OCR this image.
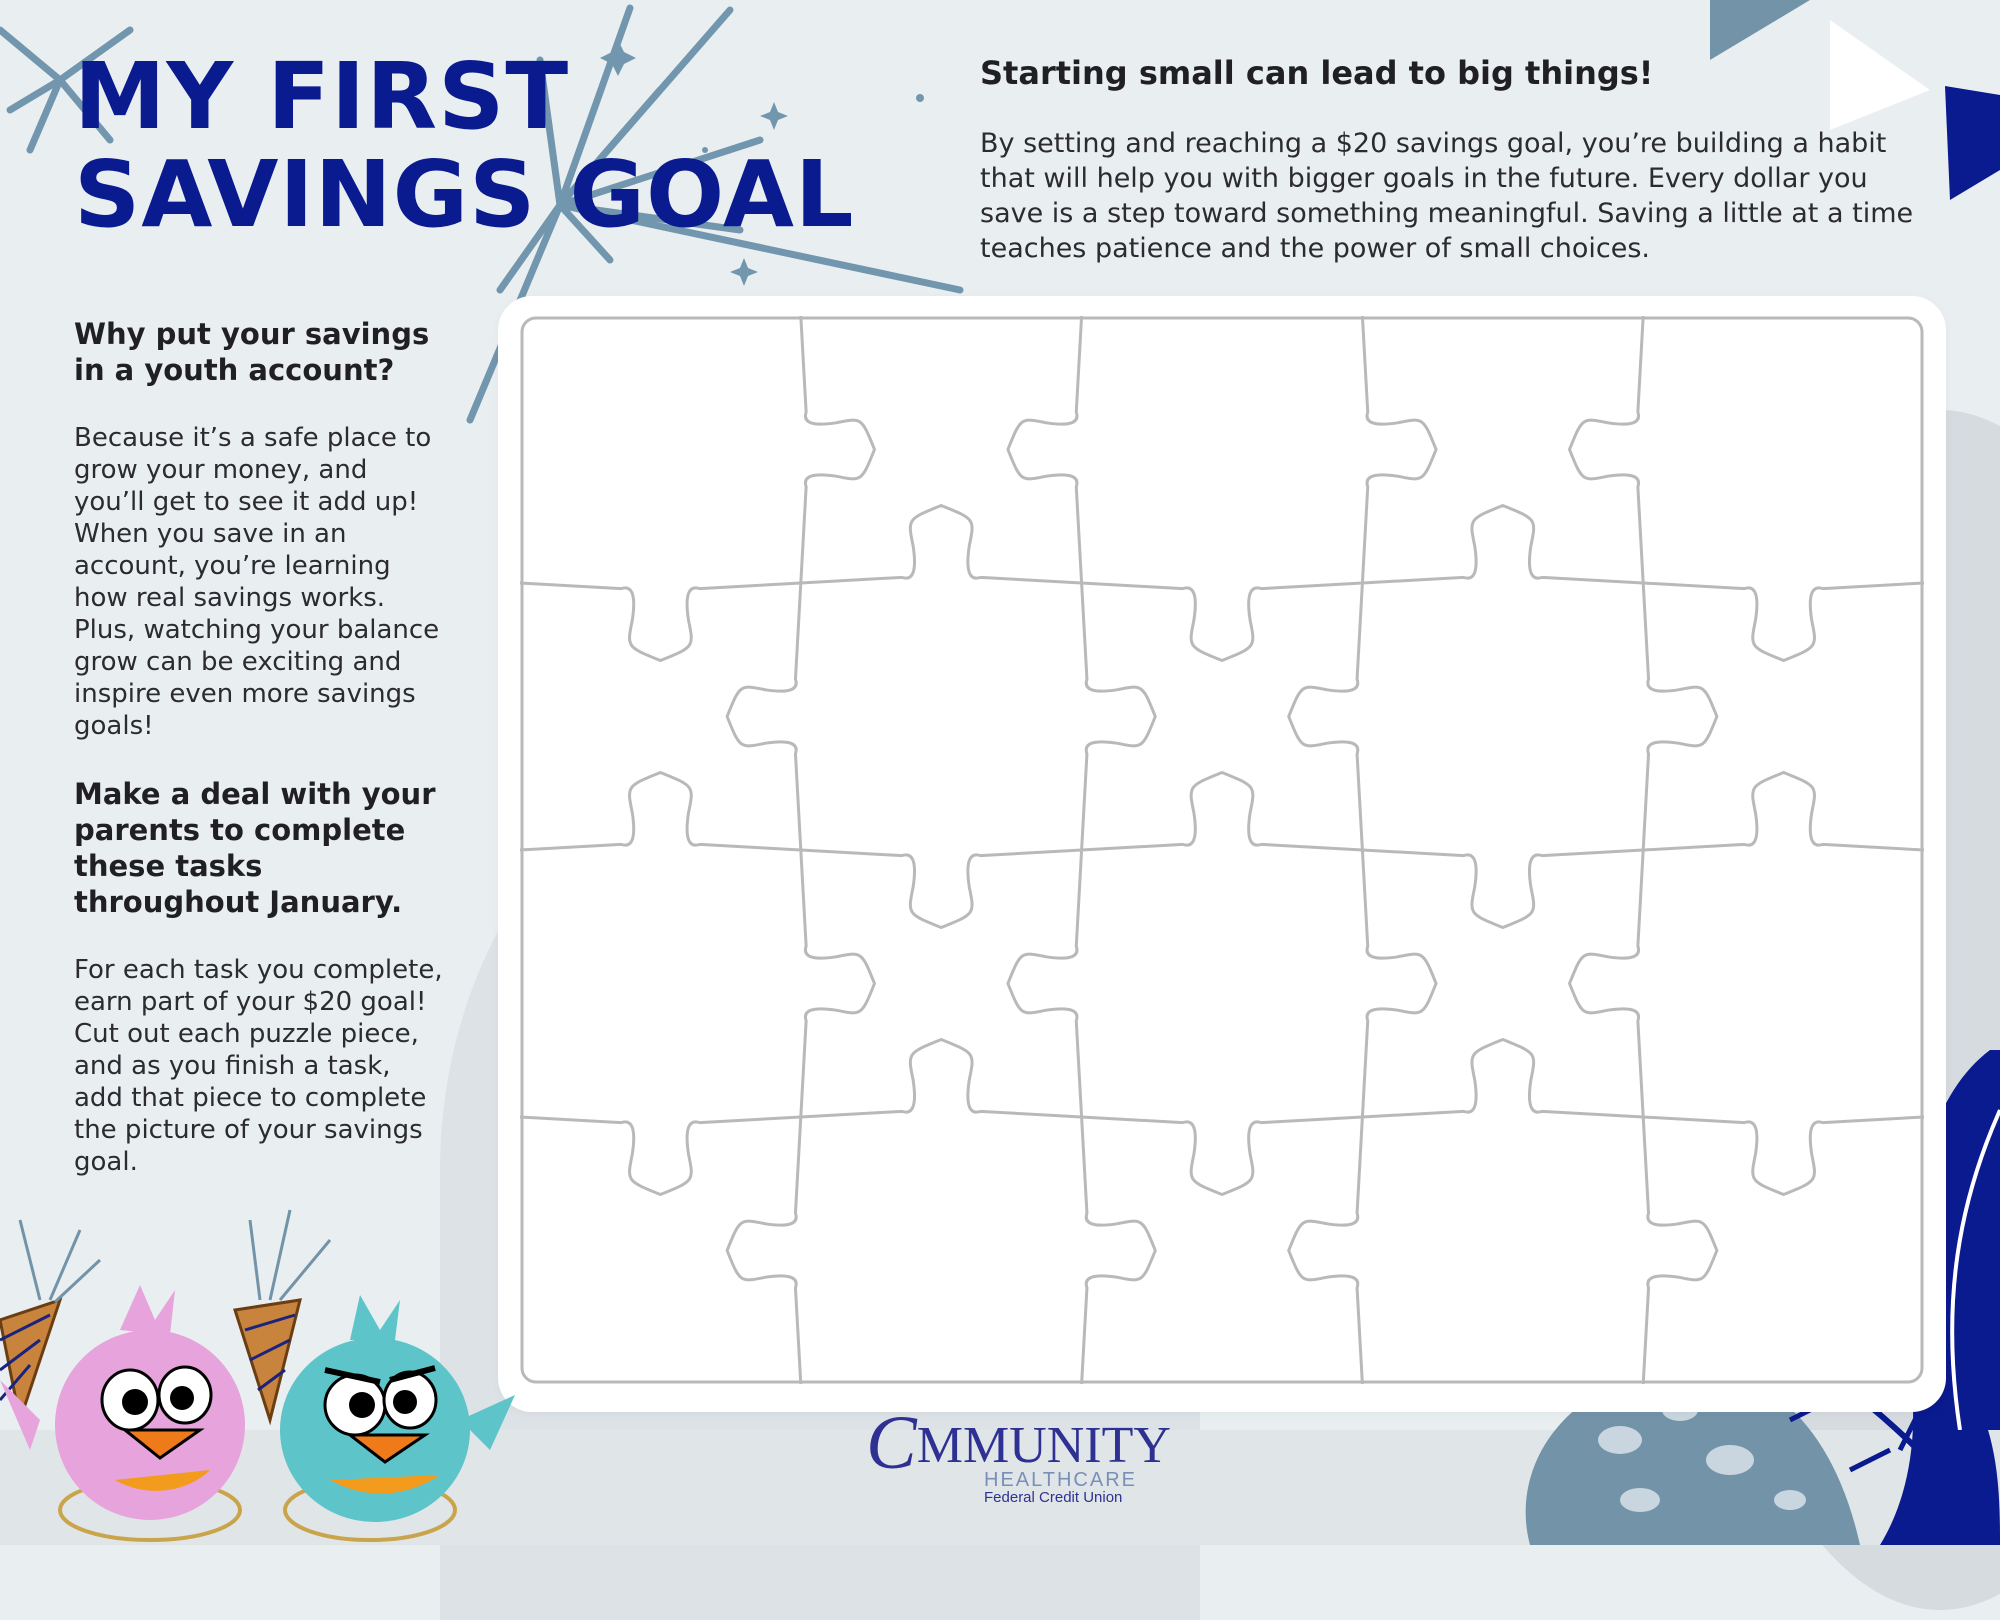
MY FIRST
SAVINGS GOAL
Starting small can lead to big things!
By setting and reaching a $20 savings goal, you’re building a habit that will help you with bigger goals in the future. Every dollar you save is a step toward something meaningful. Saving a little at a time teaches patience and the power of small choices.
Why put your savings in a youth account?

Because it’s a safe place to grow your money, and you’ll get to see it add up! When you save in an account, you’re learning how real savings works. Plus, watching your balance grow can be exciting and inspire even more savings goals!

Make a deal with your parents to complete these tasks throughout January.

For each task you complete, earn part of your $20 goal! Cut out each puzzle piece, and as you finish a task, add that piece to complete the picture of your savings goal.

CMMUNITY
HEALTHCARE
Federal Credit Union
